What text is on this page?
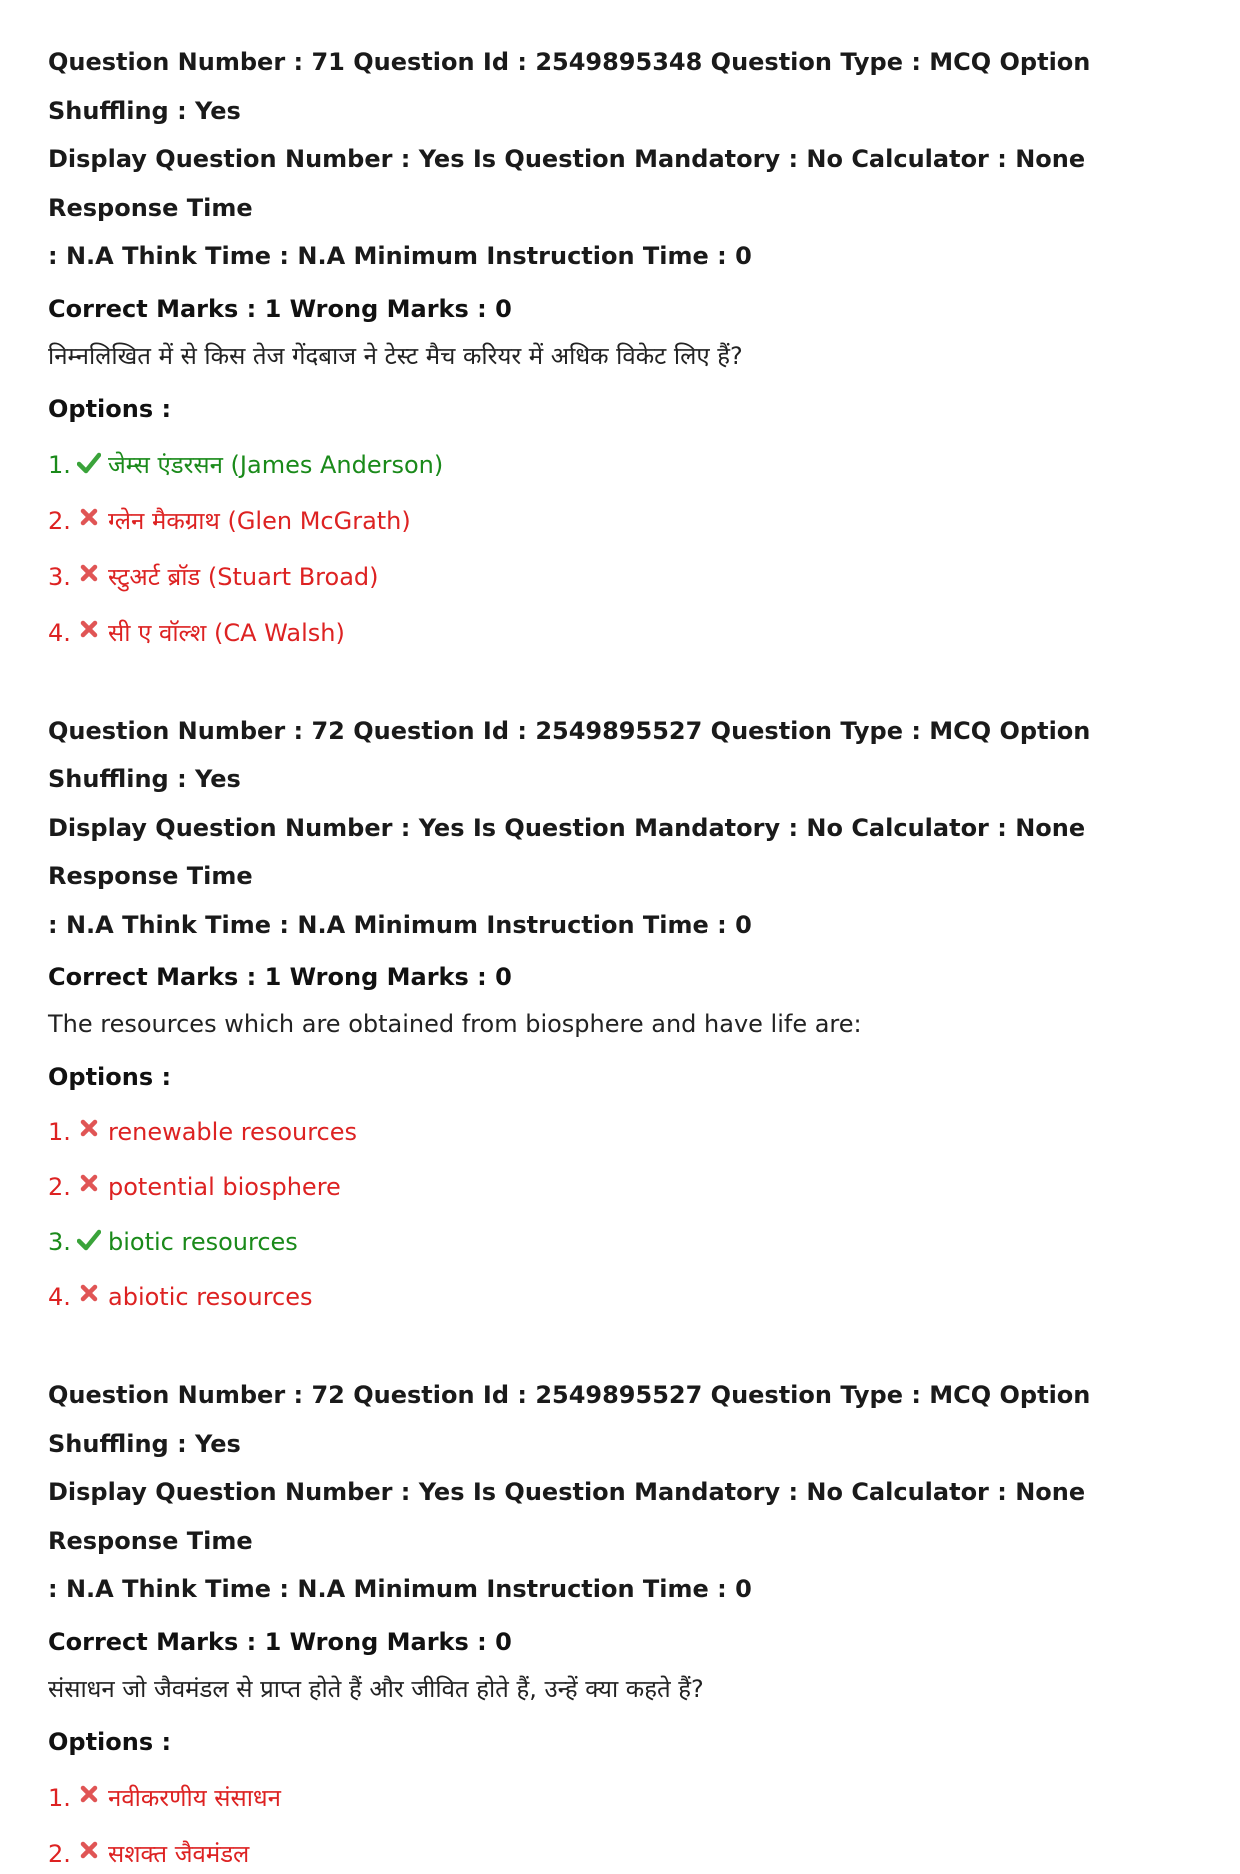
Question Number : 71 Question Id : 2549895348 Question Type : MCQ Option Shuffling : Yes
Display Question Number : Yes Is Question Mandatory : No Calculator : None Response Time
: N.A Think Time : N.A Minimum Instruction Time : 0
Correct Marks : 1 Wrong Marks : 0
निम्नलिखित में से किस तेज गेंदबाज ने टेस्ट मैच करियर में अधिक विकेट लिए हैं?
Options :
1. जेम्स एंडरसन (James Anderson)
2. ग्लेन मैकग्राथ (Glen McGrath)
3. स्टुअर्ट ब्रॉड (Stuart Broad)
4. सी ए वॉल्श (CA Walsh)
Question Number : 72 Question Id : 2549895527 Question Type : MCQ Option Shuffling : Yes
Display Question Number : Yes Is Question Mandatory : No Calculator : None Response Time
: N.A Think Time : N.A Minimum Instruction Time : 0
Correct Marks : 1 Wrong Marks : 0
The resources which are obtained from biosphere and have life are:
Options :
1. renewable resources
2. potential biosphere
3. biotic resources
4. abiotic resources
Question Number : 72 Question Id : 2549895527 Question Type : MCQ Option Shuffling : Yes
Display Question Number : Yes Is Question Mandatory : No Calculator : None Response Time
: N.A Think Time : N.A Minimum Instruction Time : 0
Correct Marks : 1 Wrong Marks : 0
संसाधन जो जैवमंडल से प्राप्त होते हैं और जीवित होते हैं, उन्हें क्या कहते हैं?
Options :
1. नवीकरणीय संसाधन
2. सशक्त जैवमंडल
